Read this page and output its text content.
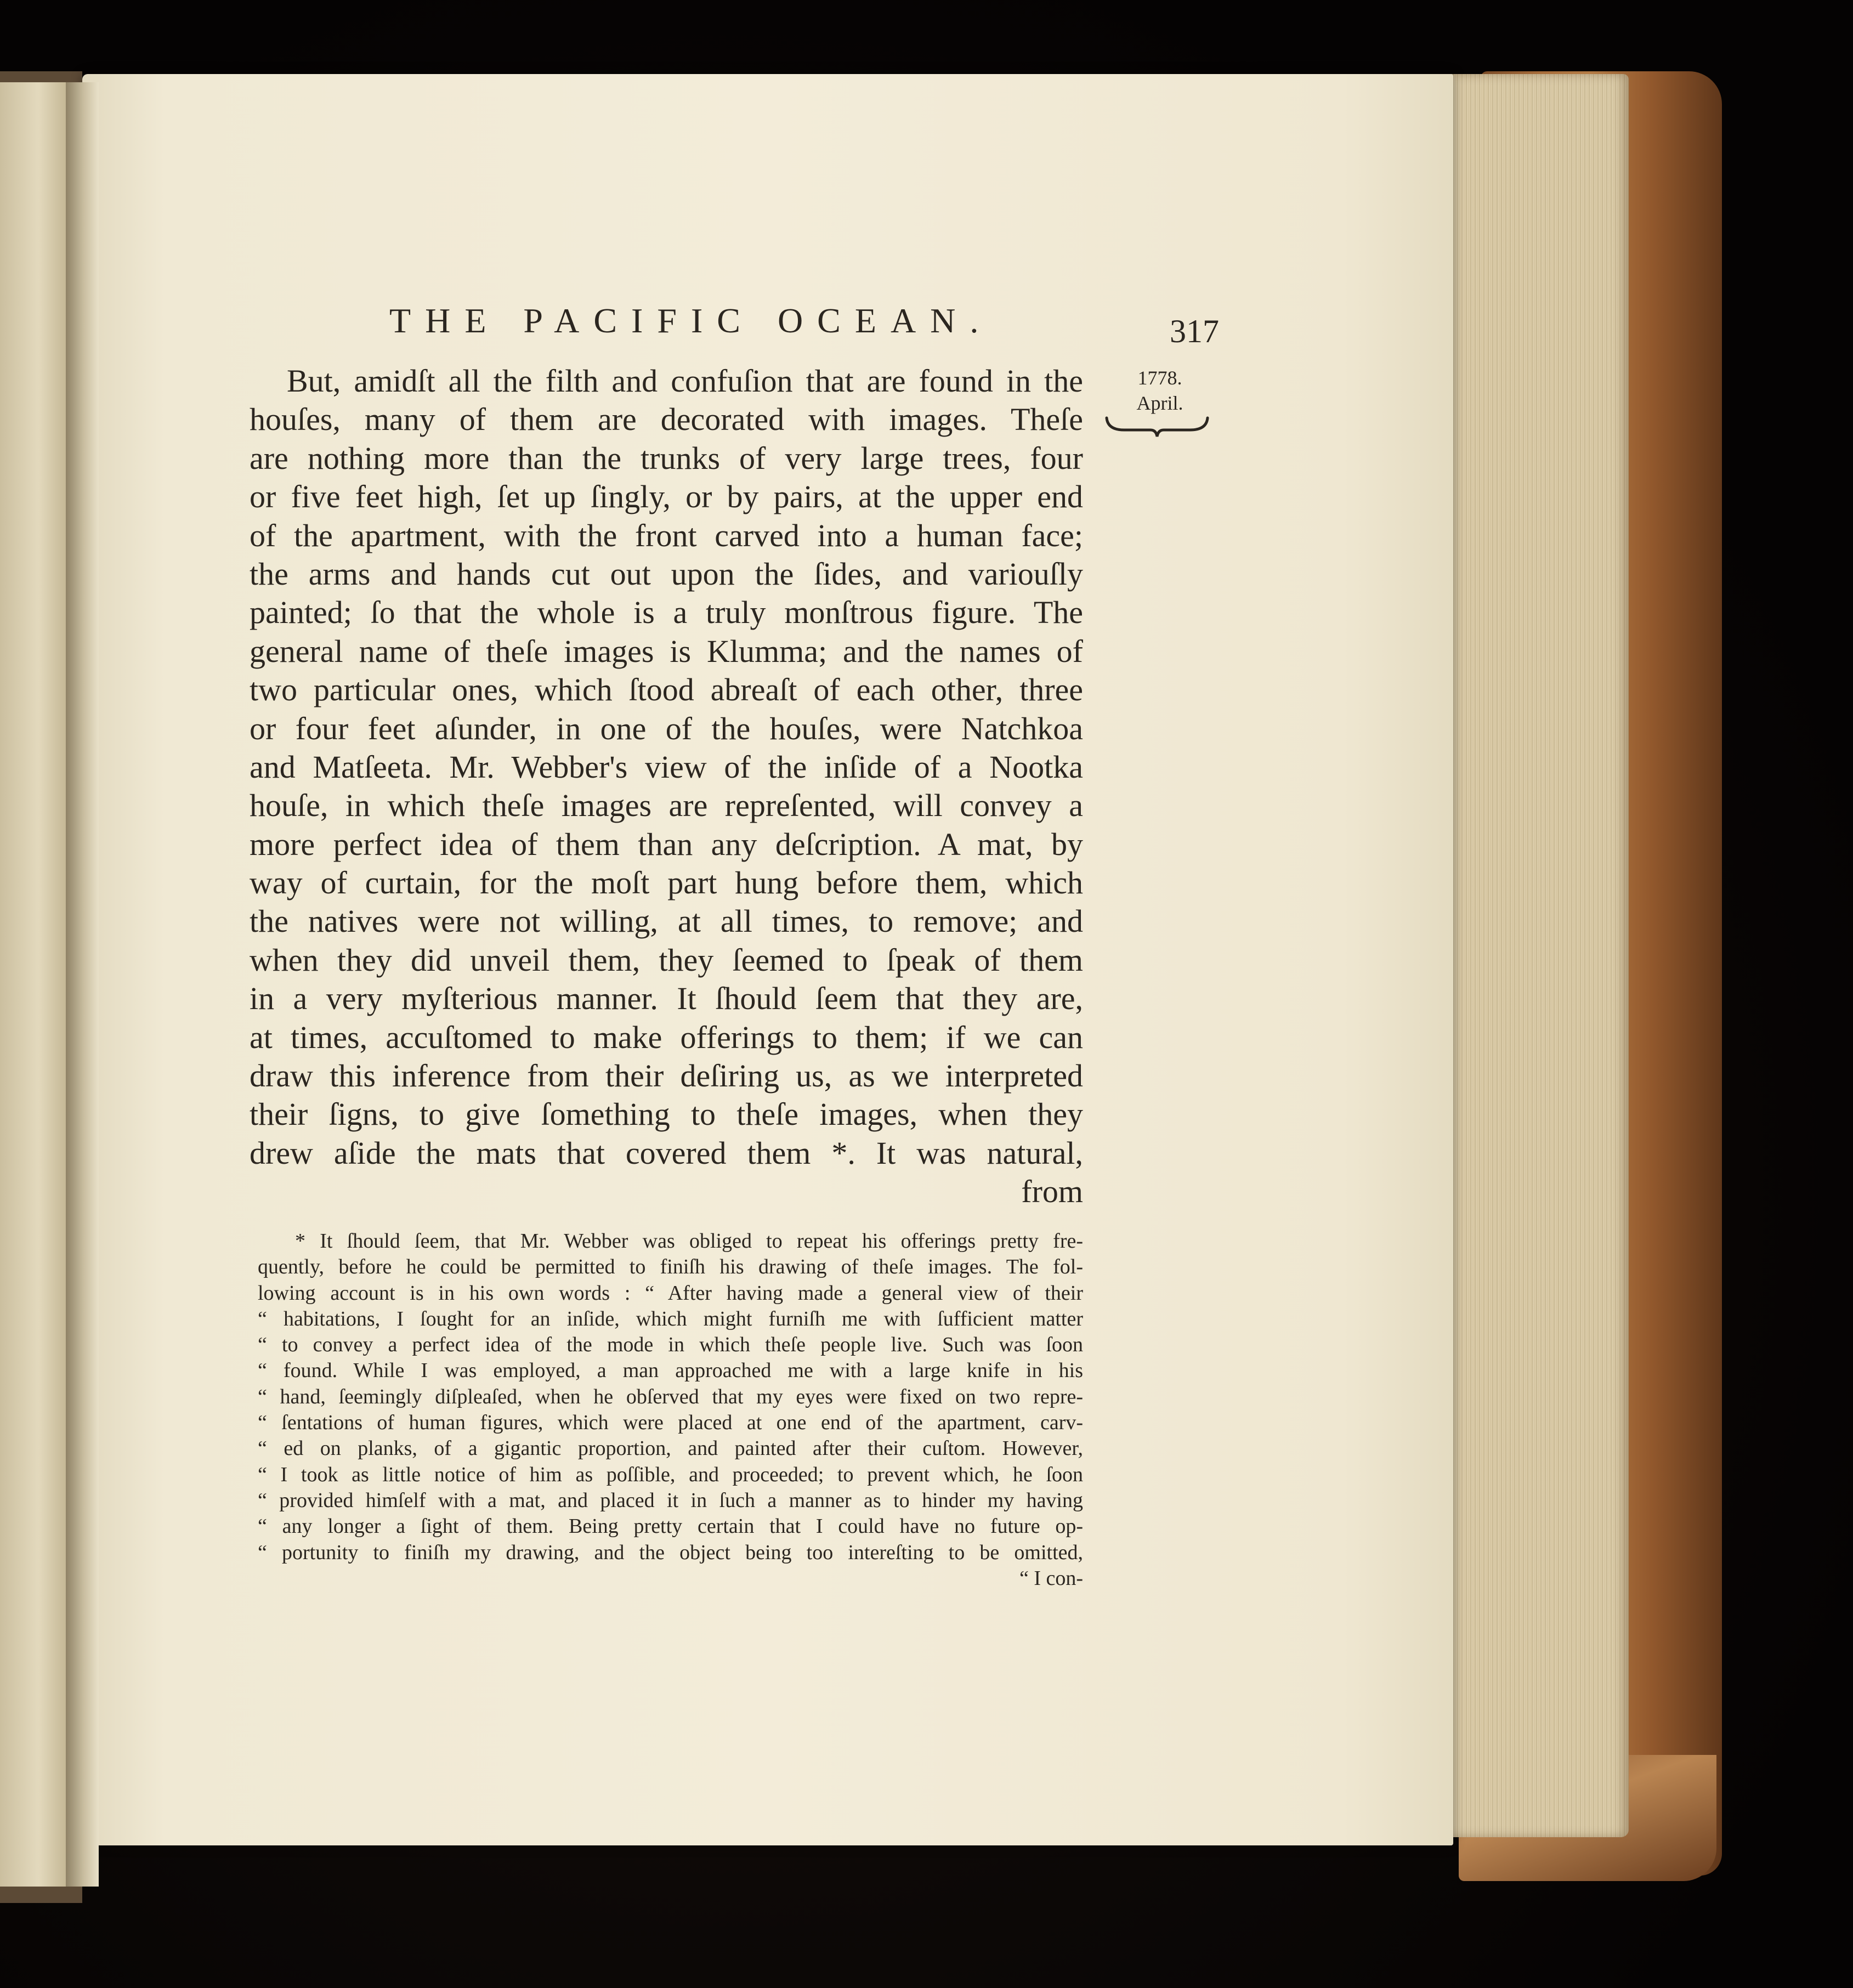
THE PACIFIC OCEAN.	317
1778.
April.
But, amidſt all the filth and confuſion that are found in the
houſes, many of them are decorated with images. Theſe
are nothing more than the trunks of very large trees, four
or five feet high, ſet up ſingly, or by pairs, at the upper end
of the apartment, with the front carved into a human face;
the arms and hands cut out upon the ſides, and variouſly
painted; ſo that the whole is a truly monſtrous figure. The
general name of theſe images is Klumma; and the names of
two particular ones, which ſtood abreaſt of each other, three
or four feet aſunder, in one of the houſes, were Natchkoa
and Matſeeta. Mr. Webber's view of the inſide of a Nootka
houſe, in which theſe images are repreſented, will convey a
more perfect idea of them than any deſcription. A mat, by
way of curtain, for the moſt part hung before them, which
the natives were not willing, at all times, to remove; and
when they did unveil them, they ſeemed to ſpeak of them
in a very myſterious manner. It ſhould ſeem that they are,
at times, accuſtomed to make offerings to them; if we can
draw this inference from their deſiring us, as we interpreted
their ſigns, to give ſomething to theſe images, when they
drew aſide the mats that covered them *. It was natural,
from
* It ſhould ſeem, that Mr. Webber was obliged to repeat his offerings pretty fre-
quently, before he could be permitted to finiſh his drawing of theſe images. The fol-
lowing account is in his own words : “ After having made a general view of their
“ habitations, I ſought for an inſide, which might furniſh me with ſufficient matter
“ to convey a perfect idea of the mode in which theſe people live. Such was ſoon
“ found. While I was employed, a man approached me with a large knife in his
“ hand, ſeemingly diſpleaſed, when he obſerved that my eyes were fixed on two repre-
“ ſentations of human figures, which were placed at one end of the apartment, carv-
“ ed on planks, of a gigantic proportion, and painted after their cuſtom. However,
“ I took as little notice of him as poſſible, and proceeded; to prevent which, he ſoon
“ provided himſelf with a mat, and placed it in ſuch a manner as to hinder my having
“ any longer a ſight of them. Being pretty certain that I could have no future op-
“ portunity to finiſh my drawing, and the object being too intereſting to be omitted,
“ I con-
